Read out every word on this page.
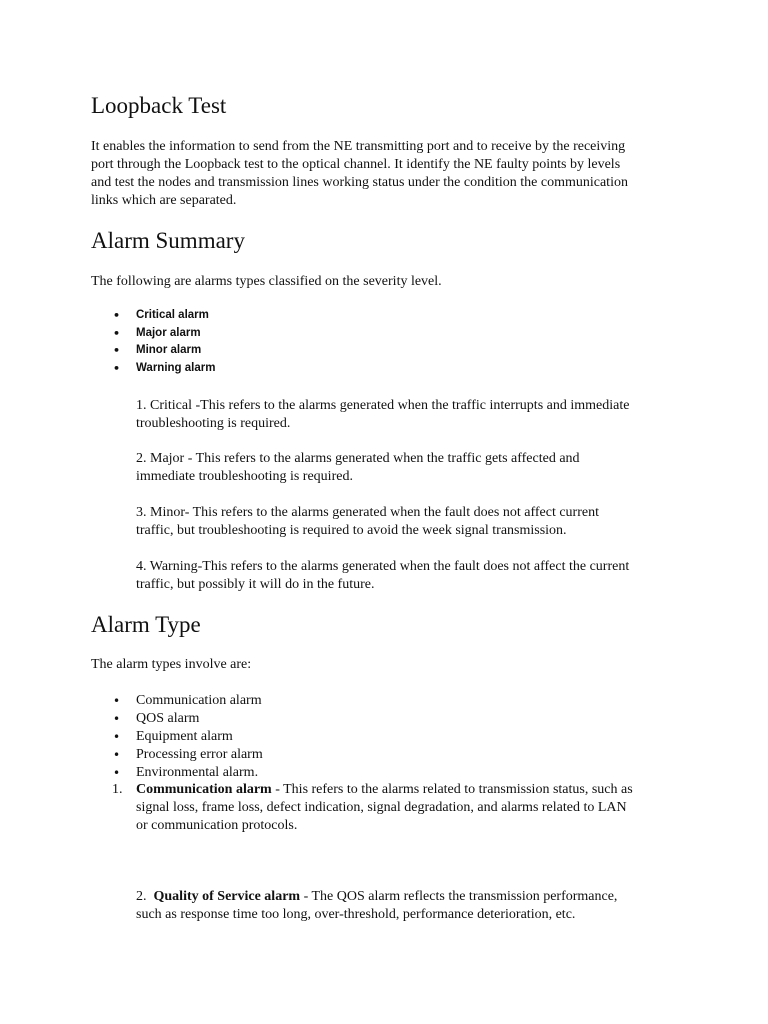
Loopback Test
It enables the information to send from the NE transmitting port and to receive by the receiving
port through the Loopback test to the optical channel. It identify the NE faulty points by levels
and test the nodes and transmission lines working status under the condition the communication
links which are separated.
Alarm Summary
The following are alarms types classified on the severity level.
• Critical alarm
• Major alarm
• Minor alarm
• Warning alarm
1. Critical -This refers to the alarms generated when the traffic interrupts and immediate
troubleshooting is required.
2. Major - This refers to the alarms generated when the traffic gets affected and
immediate troubleshooting is required.
3. Minor- This refers to the alarms generated when the fault does not affect current
traffic, but troubleshooting is required to avoid the week signal transmission.
4. Warning-This refers to the alarms generated when the fault does not affect the current
traffic, but possibly it will do in the future.
Alarm Type
The alarm types involve are:
• Communication alarm
• QOS alarm
• Equipment alarm
• Processing error alarm
• Environmental alarm.
1. Communication alarm - This refers to the alarms related to transmission status, such as
signal loss, frame loss, defect indication, signal degradation, and alarms related to LAN
or communication protocols.
2. Quality of Service alarm - The QOS alarm reflects the transmission performance,
such as response time too long, over-threshold, performance deterioration, etc.
